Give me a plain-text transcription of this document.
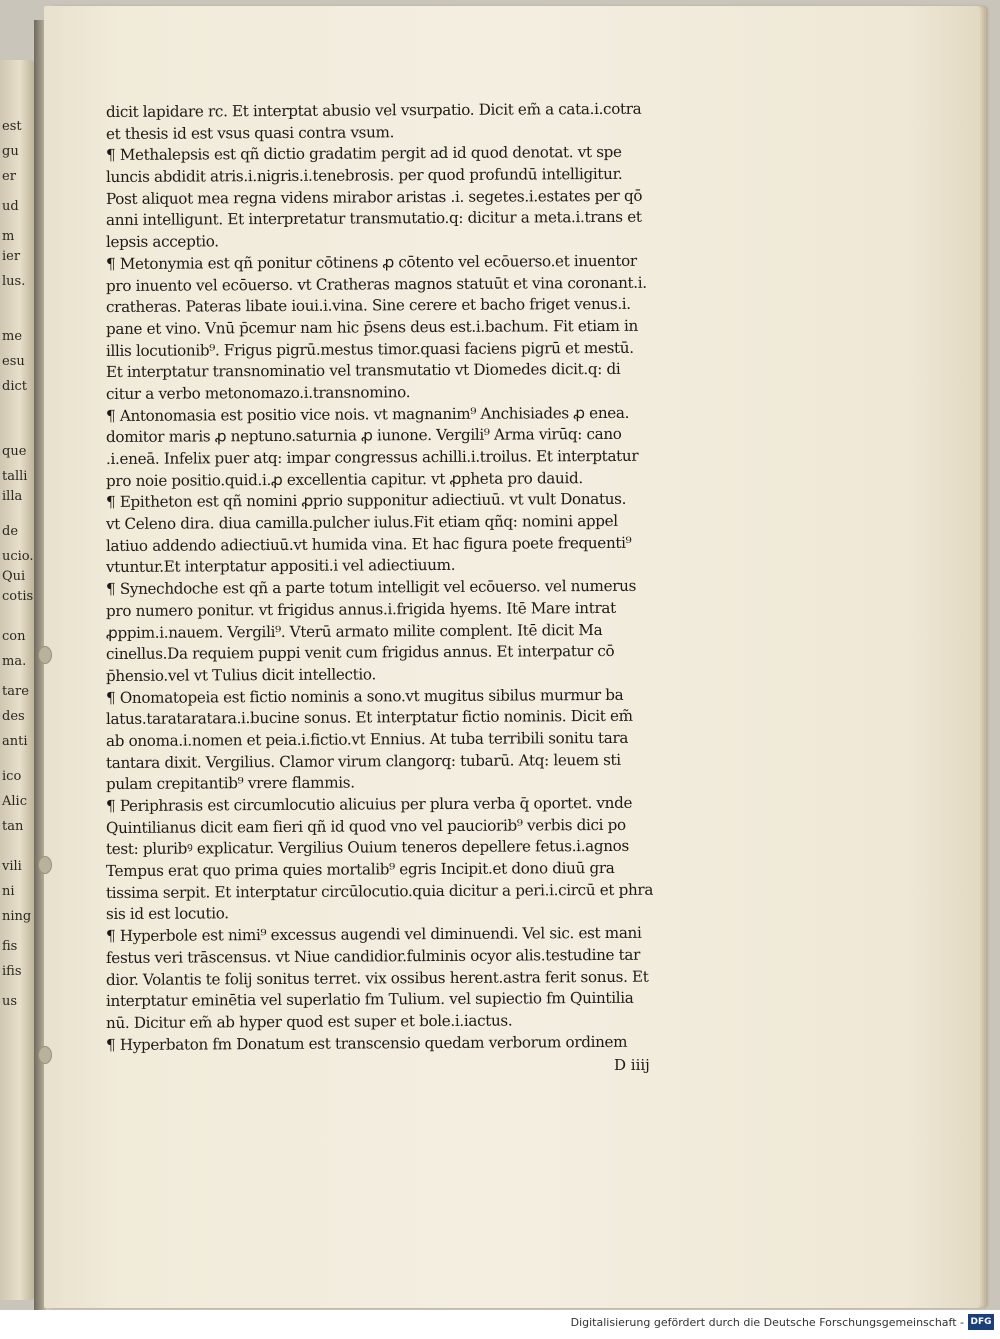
est
gu
er
ud
m
ier
lus.
me
esu
dict
que
talli
illa
de
ucio.
Qui
cotis
con
ma.
tare
des
anti
ico
Alic
tan
vili
ni
ning
fis
ifis
us
dicit lapidare rc. Et interptat abusio vel vsurpatio. Dicit em̃ a cata.i.cotra
et thesis id est vsus quasi contra vsum.
¶ Methalepsis est qñ dictio gradatim pergit ad id quod denotat. vt spe
luncis abdidit atris.i.nigris.i.tenebrosis. per quod profundū intelligitur.
Post aliquot mea regna videns mirabor aristas .i. segetes.i.estates per qō
anni intelligunt. Et interpretatur transmutatio.q: dicitur a meta.i.trans et
lepsis acceptio.
¶ Metonymia est qñ ponitur cōtinens ꝓ cōtento vel ecōuerso.et inuentor
pro inuento vel ecōuerso. vt Cratheras magnos statuūt et vina coronant.i.
cratheras. Pateras libate ioui.i.vina. Sine cerere et bacho friget venus.i.
pane et vino. Vnū p̄cemur nam hic p̄sens deus est.i.bachum. Fit etiam in
illis locutionib⁹. Frigus pigrū.mestus timor.quasi faciens pigrū et mestū.
Et interptatur transnominatio vel transmutatio vt Diomedes dicit.q: di
citur a verbo metonomazo.i.transnomino.
¶ Antonomasia est positio vice nois. vt magnanim⁹ Anchisiades ꝓ enea.
domitor maris ꝓ neptuno.saturnia ꝓ iunone. Vergili⁹ Arma virūq: cano
.i.eneā. Infelix puer atq: impar congressus achilli.i.troilus. Et interptatur
pro noie positio.quid.i.ꝓ excellentia capitur. vt ꝓpheta pro dauid.
¶ Epitheton est qñ nomini ꝓprio supponitur adiectiuū. vt vult Donatus.
vt Celeno dira. diua camilla.pulcher iulus.Fit etiam qñq: nomini appel
latiuo addendo adiectiuū.vt humida vina. Et hac figura poete frequenti⁹
vtuntur.Et interptatur appositi.i vel adiectiuum.
¶ Synechdoche est qñ a parte totum intelligit vel ecōuerso. vel numerus
pro numero ponitur. vt frigidus annus.i.frigida hyems. Itē Mare intrat
ꝓppim.i.nauem. Vergili⁹. Vterū armato milite complent. Itē dicit Ma
cinellus.Da requiem puppi venit cum frigidus annus. Et interpatur cō
p̄hensio.vel vt Tulius dicit intellectio.
¶ Onomatopeia est fictio nominis a sono.vt mugitus sibilus murmur ba
latus.tarataratara.i.bucine sonus. Et interptatur fictio nominis. Dicit em̃
ab onoma.i.nomen et peia.i.fictio.vt Ennius. At tuba terribili sonitu tara
tantara dixit. Vergilius. Clamor virum clangorq: tubarū. Atq: leuem sti
pulam crepitantib⁹ vrere flammis.
¶ Periphrasis est circumlocutio alicuius per plura verba q̄ oportet. vnde
Quintilianus dicit eam fieri qñ id quod vno vel pauciorib⁹ verbis dici po
test: pluribꝰ explicatur. Vergilius Ouium teneros depellere fetus.i.agnos
Tempus erat quo prima quies mortalib⁹ egris Incipit.et dono diuū gra
tissima serpit. Et interptatur circūlocutio.quia dicitur a peri.i.circū et phra
sis id est locutio.
¶ Hyperbole est nimi⁹ excessus augendi vel diminuendi. Vel sic. est mani
festus veri trāscensus. vt Niue candidior.fulminis ocyor alis.testudine tar
dior. Volantis te folij sonitus terret. vix ossibus herent.astra ferit sonus. Et
interptatur eminētia vel superlatio fm Tulium. vel supiectio fm Quintilia
nū. Dicitur em̃ ab hyper quod est super et bole.i.iactus.
¶ Hyperbaton fm Donatum est transcensio quedam verborum ordinem
D iiij
Digitalisierung gefördert durch die Deutsche Forschungsgemeinschaft - DFG
